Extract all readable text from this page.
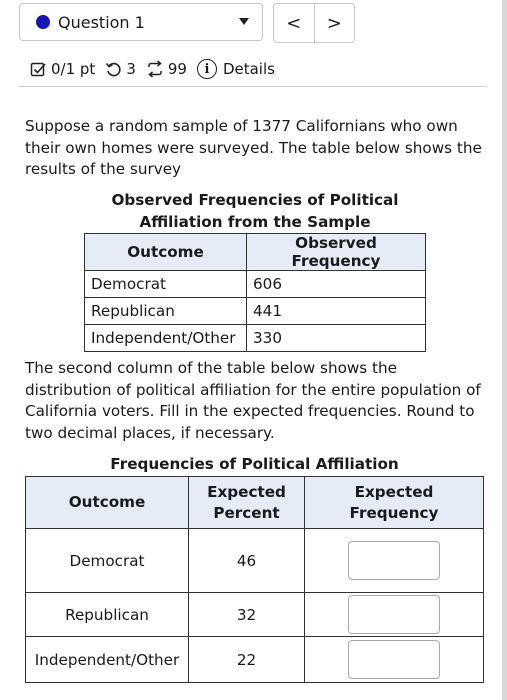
Question 1	<	>
0/1 pt 3 99	i Details

Suppose a random sample of 1377 Californians who own their own homes were surveyed. The table below shows the results of the survey

Observed Frequencies of Political Affiliation from the Sample
Outcome	Observed Frequency
Democrat	606
Republican	441
Independent/Other	330

The second column of the table below shows the distribution of political affiliation for the entire population of California voters. Fill in the expected frequencies. Round to two decimal places, if necessary.

Frequencies of Political Affiliation
Outcome	Expected Percent	Expected Frequency
Democrat	46	
Republican	32	
Independent/Other	22	
